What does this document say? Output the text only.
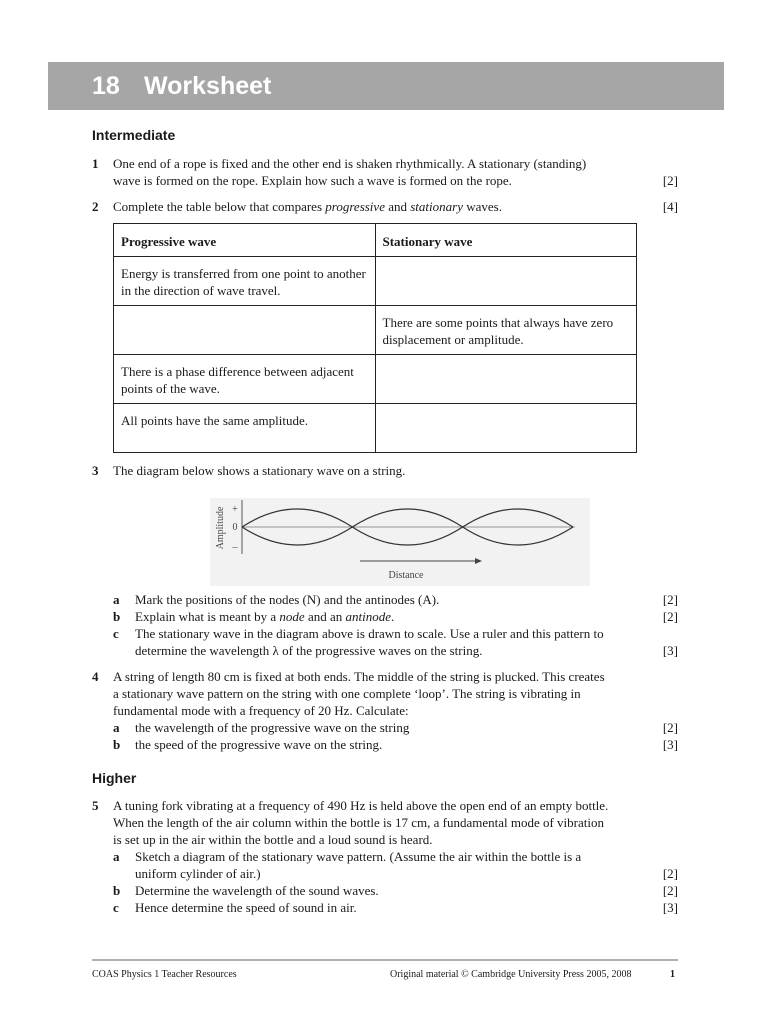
18 Worksheet
Intermediate
1 One end of a rope is fixed and the other end is shaken rhythmically. A stationary (standing)
wave is formed on the rope. Explain how such a wave is formed on the rope.	[2]
2 Complete the table below that compares progressive and stationary waves.	[4]
Progressive wave	Stationary wave
Energy is transferred from one point to another in the direction of wave travel.	
	There are some points that always have zero displacement or amplitude.
There is a phase difference between adjacent points of the wave.	
All points have the same amplitude.	
3 The diagram below shows a stationary wave on a string.
Amplitude +
0
–
Distance
a Mark the positions of the nodes (N) and the antinodes (A).	[2]
b Explain what is meant by a node and an antinode.	[2]
c The stationary wave in the diagram above is drawn to scale. Use a ruler and this pattern to
determine the wavelength λ of the progressive waves on the string.	[3]
4 A string of length 80 cm is fixed at both ends. The middle of the string is plucked. This creates
a stationary wave pattern on the string with one complete ‘loop’. The string is vibrating in
fundamental mode with a frequency of 20 Hz. Calculate:
a the wavelength of the progressive wave on the string	[2]
b the speed of the progressive wave on the string.	[3]
Higher
5 A tuning fork vibrating at a frequency of 490 Hz is held above the open end of an empty bottle.
When the length of the air column within the bottle is 17 cm, a fundamental mode of vibration
is set up in the air within the bottle and a loud sound is heard.
a Sketch a diagram of the stationary wave pattern. (Assume the air within the bottle is a
uniform cylinder of air.)	[2]
b Determine the wavelength of the sound waves.	[2]
c Hence determine the speed of sound in air.	[3]
COAS Physics 1 Teacher Resources	Original material © Cambridge University Press 2005, 2008	1
